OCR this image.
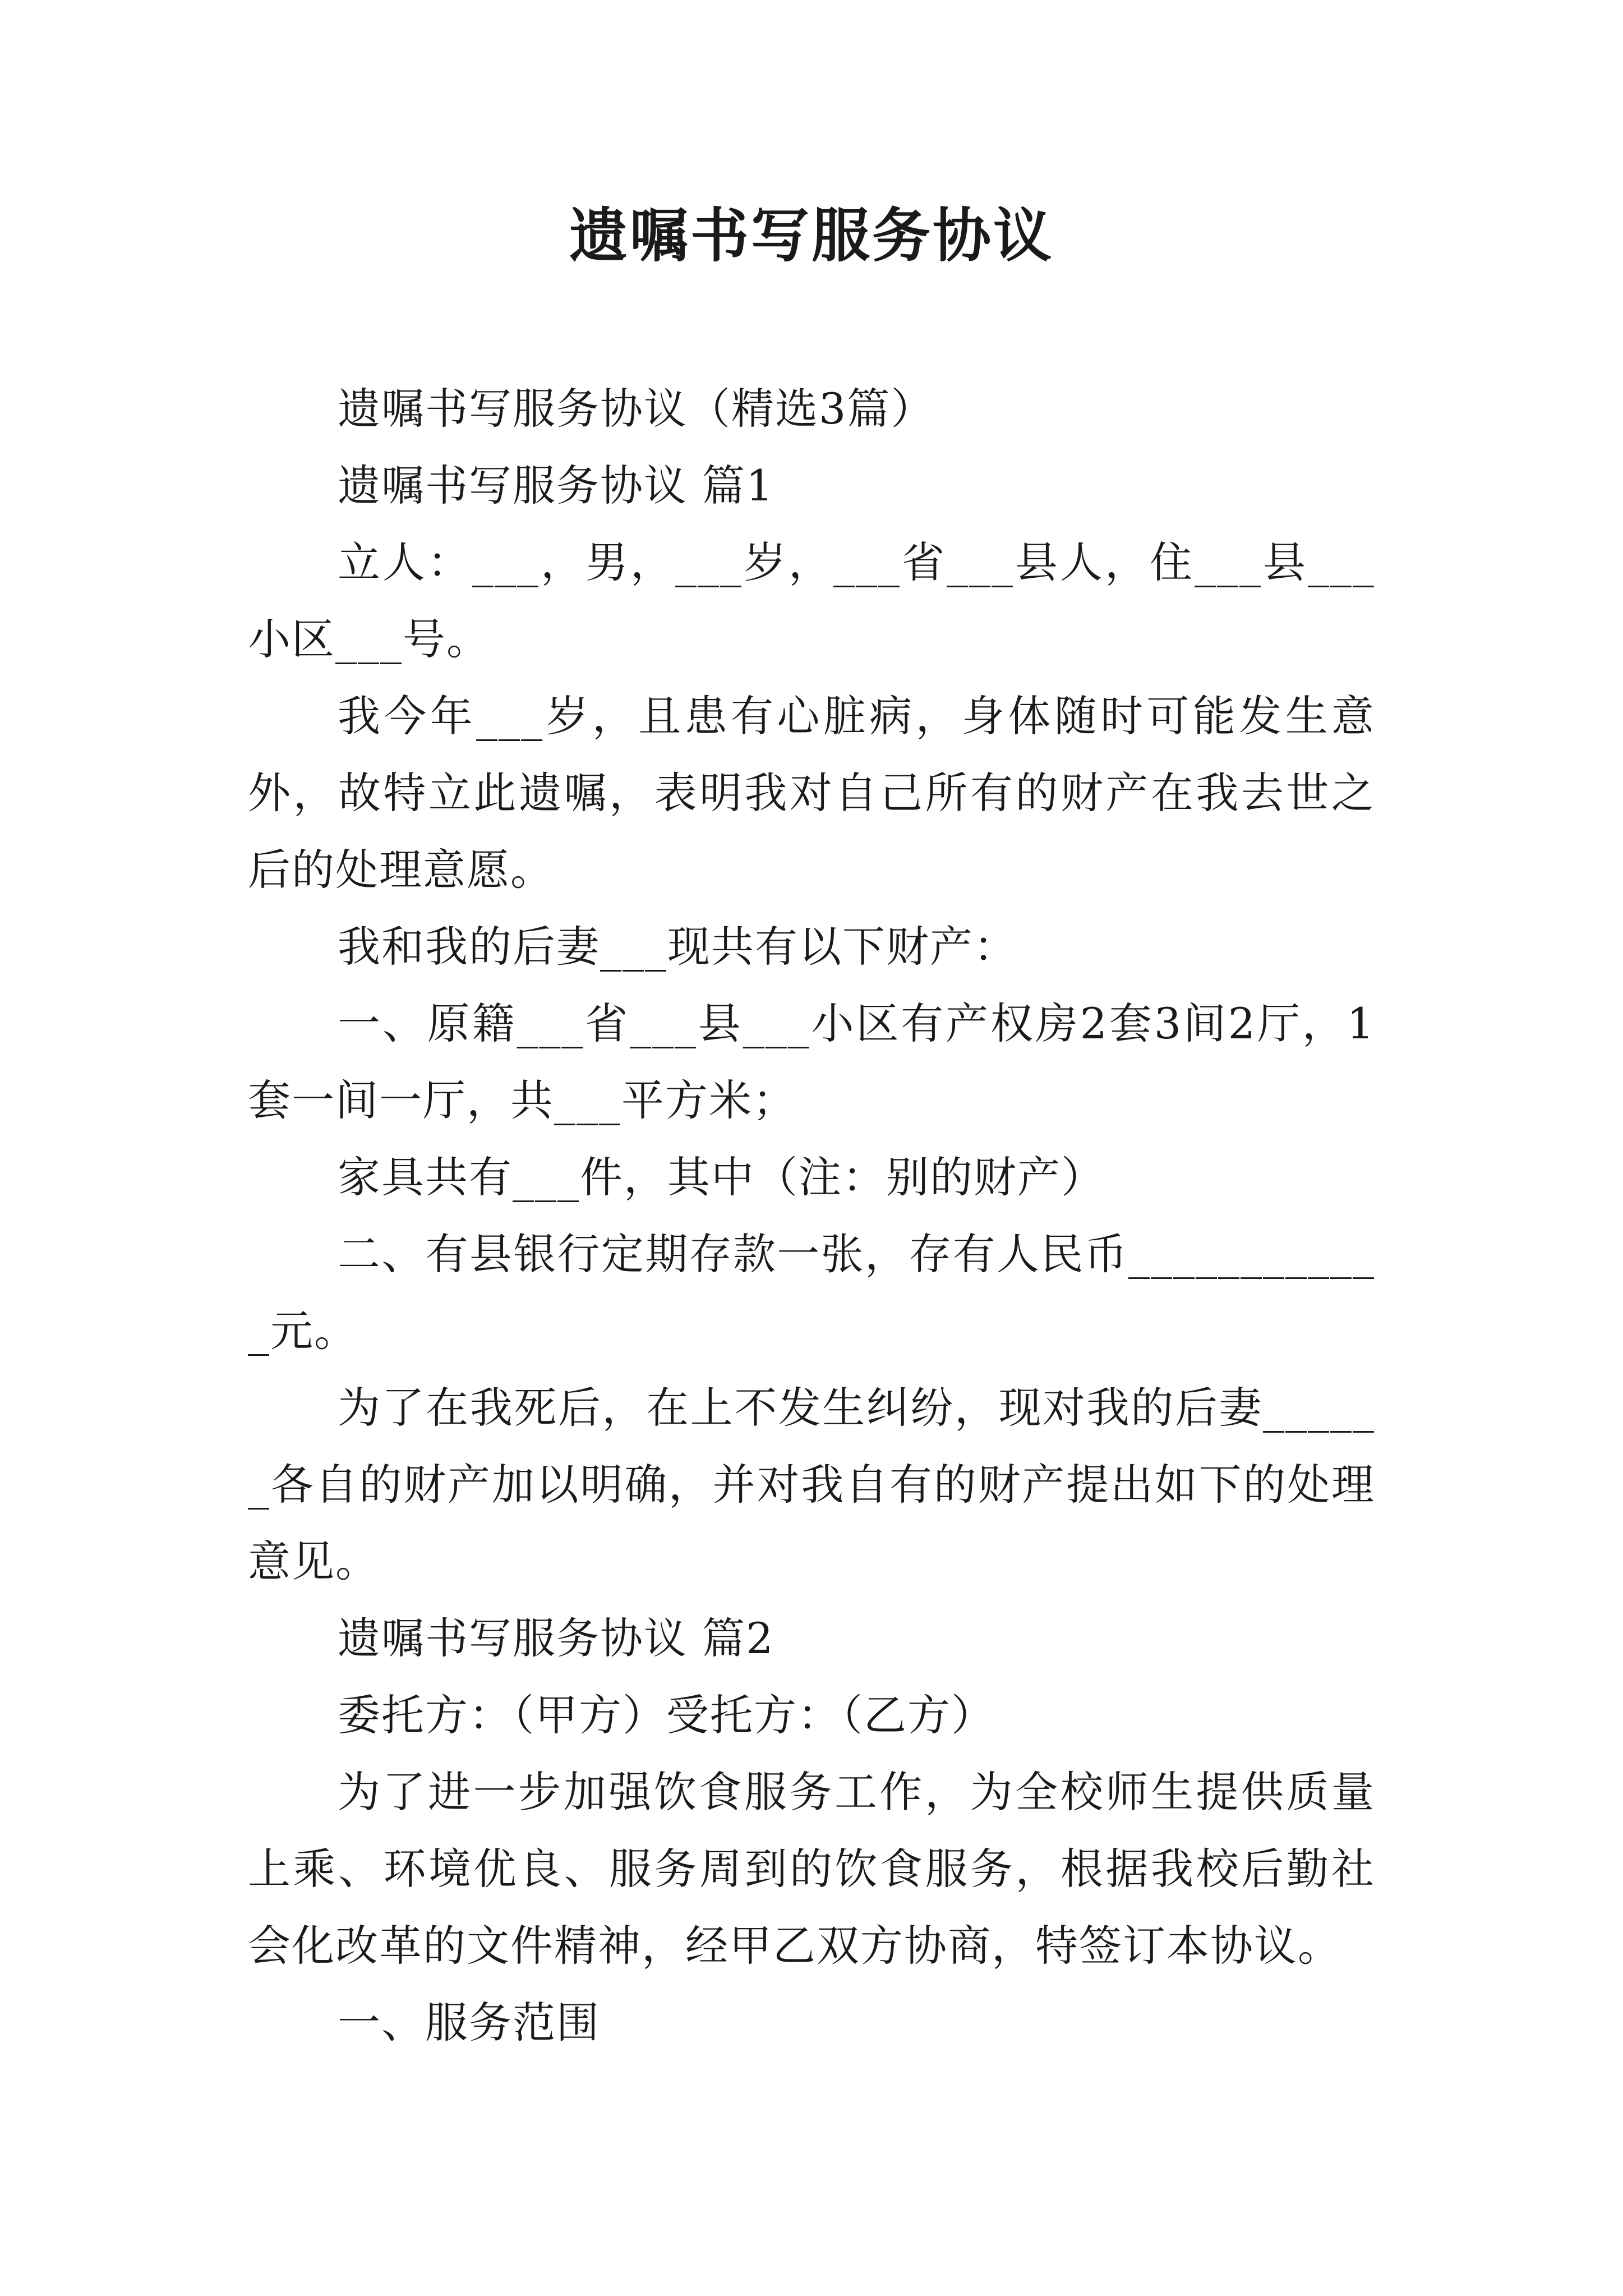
遗嘱书写服务协议

遗嘱书写服务协议（精选3篇）

遗嘱书写服务协议 篇1

立人：___，男，___岁，___省___县人，住___县___小区___号。

我今年___岁，且患有心脏病，身体随时可能发生意外，故特立此遗嘱，表明我对自己所有的财产在我去世之后的处理意愿。

我和我的后妻___现共有以下财产：

一、原籍___省___县___小区有产权房2套3间2厅，1套一间一厅，共___平方米；

家具共有___件，其中（注：别的财产）

二、有县银行定期存款一张，存有人民币____________元。

为了在我死后，在上不发生纠纷，现对我的后妻______各自的财产加以明确，并对我自有的财产提出如下的处理意见。

遗嘱书写服务协议 篇2

委托方：（甲方）受托方：（乙方）

为了进一步加强饮食服务工作，为全校师生提供质量上乘、环境优良、服务周到的饮食服务，根据我校后勤社会化改革的文件精神，经甲乙双方协商，特签订本协议。

一、服务范围
